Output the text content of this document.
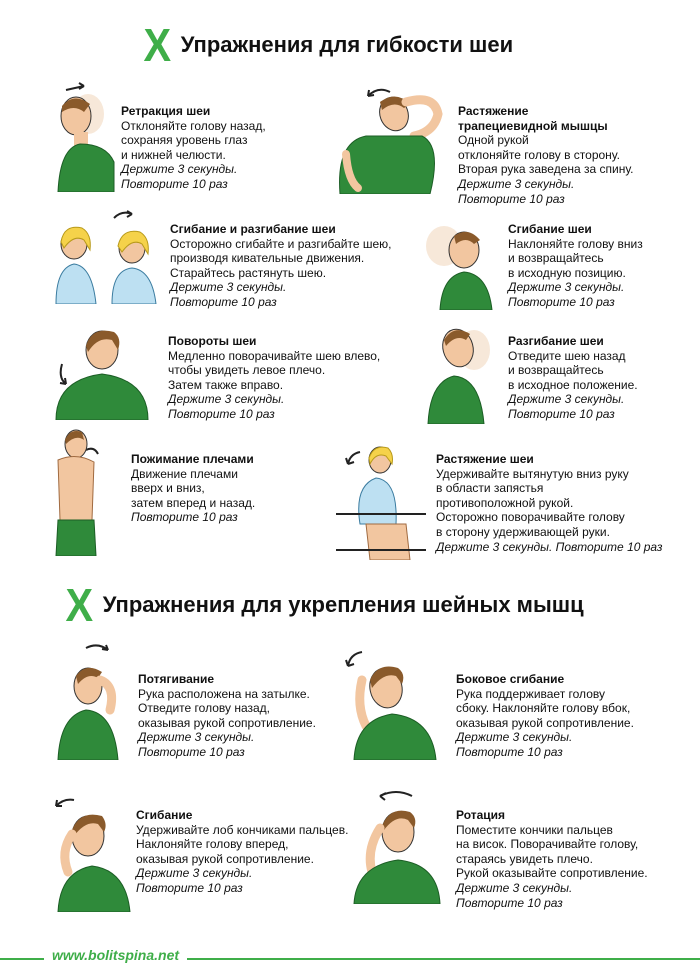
X Упражнения для гибкости шеи
Ретракция шеи
Отклоняйте голову назад,
сохраняя уровень глаз
и нижней челюсти.
Держите 3 секунды.
Повторите 10 раз
Растяжение
трапециевидной мышцы
Одной рукой
отклоняйте голову в сторону.
Вторая рука заведена за спину.
Держите 3 секунды.
Повторите 10 раз
Сгибание и разгибание шеи
Осторожно сгибайте и разгибайте шею,
производя кивательные движения.
Старайтесь растянуть шею.
Держите 3 секунды.
Повторите 10 раз
Сгибание шеи
Наклоняйте голову вниз
и возвращайтесь
в исходную позицию.
Держите 3 секунды.
Повторите 10 раз
Повороты шеи
Медленно поворачивайте шею влево,
чтобы увидеть левое плечо.
Затем также вправо.
Держите 3 секунды.
Повторите 10 раз
Разгибание шеи
Отведите шею назад
и возвращайтесь
в исходное положение.
Держите 3 секунды.
Повторите 10 раз
Пожимание плечами
Движение плечами
вверх и вниз,
затем вперед и назад.
Повторите 10 раз
Растяжение шеи
Удерживайте вытянутую вниз руку
в области запястья
противоположной рукой.
Осторожно поворачивайте голову
в сторону удерживающей руки.
Держите 3 секунды. Повторите 10 раз
X Упражнения для укрепления шейных мышц
Потягивание
Рука расположена на затылке.
Отведите голову назад,
оказывая рукой сопротивление.
Держите 3 секунды.
Повторите 10 раз
Боковое сгибание
Рука поддерживает голову
сбоку. Наклоняйте голову вбок,
оказывая рукой сопротивление.
Держите 3 секунды.
Повторите 10 раз
Сгибание
Удерживайте лоб кончиками пальцев.
Наклоняйте голову вперед,
оказывая рукой сопротивление.
Держите 3 секунды.
Повторите 10 раз
Ротация
Поместите кончики пальцев
на висок. Поворачивайте голову,
стараясь увидеть плечо.
Рукой оказывайте сопротивление.
Держите 3 секунды.
Повторите 10 раз
www.bolitspina.net
